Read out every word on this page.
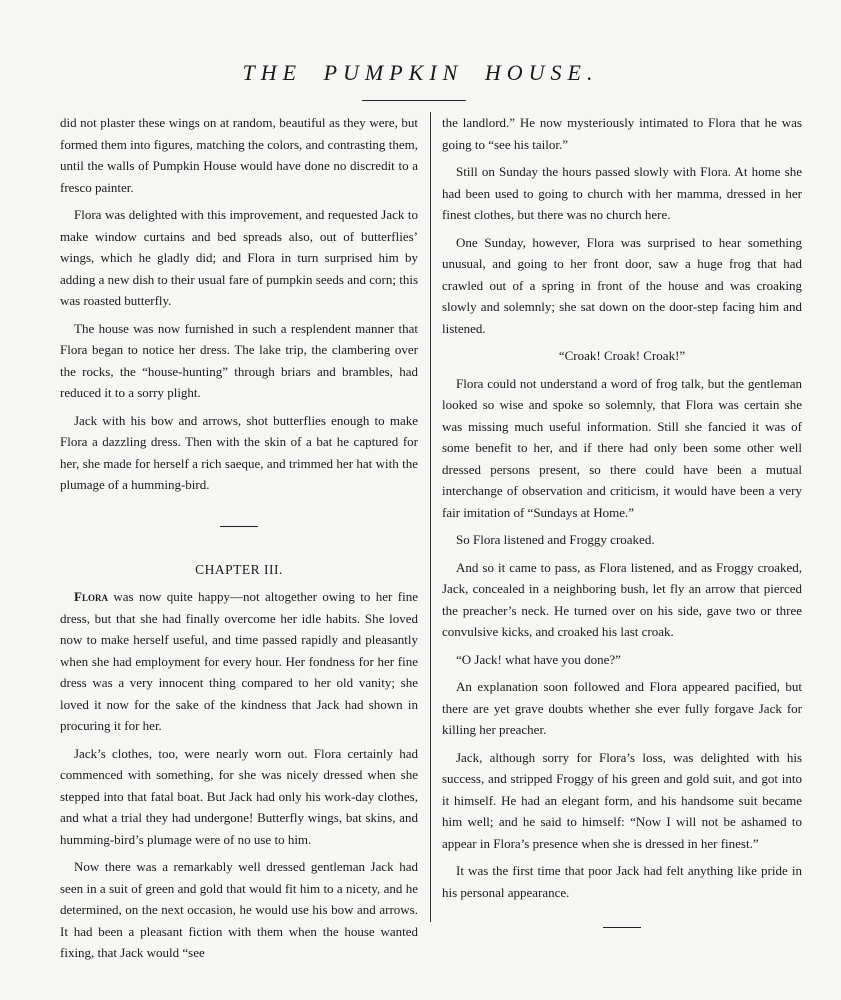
THE PUMPKIN HOUSE.

did not plaster these wings on at random, beautiful as they were, but formed them into figures, matching the colors, and contrasting them, until the walls of Pumpkin House would have done no discredit to a fresco painter.

Flora was delighted with this improvement, and requested Jack to make window curtains and bed spreads also, out of butterflies’ wings, which he gladly did; and Flora in turn surprised him by adding a new dish to their usual fare of pumpkin seeds and corn; this was roasted butterfly.

The house was now furnished in such a resplendent manner that Flora began to notice her dress. The lake trip, the clambering over the rocks, the “house-hunting” through briars and brambles, had reduced it to a sorry plight.

Jack with his bow and arrows, shot butterflies enough to make Flora a dazzling dress. Then with the skin of a bat he captured for her, she made for herself a rich saeque, and trimmed her hat with the plumage of a humming-bird.

CHAPTER III.

Flora was now quite happy—not altogether owing to her fine dress, but that she had finally overcome her idle habits. She loved now to make herself useful, and time passed rapidly and pleasantly when she had employment for every hour. Her fondness for her fine dress was a very innocent thing compared to her old vanity; she loved it now for the sake of the kindness that Jack had shown in procuring it for her.

Jack’s clothes, too, were nearly worn out. Flora certainly had commenced with something, for she was nicely dressed when she stepped into that fatal boat. But Jack had only his work-day clothes, and what a trial they had undergone! Butterfly wings, bat skins, and humming-bird’s plumage were of no use to him.

Now there was a remarkably well dressed gentleman Jack had seen in a suit of green and gold that would fit him to a nicety, and he determined, on the next occasion, he would use his bow and arrows. It had been a pleasant fiction with them when the house wanted fixing, that Jack would “see

the landlord.” He now mysteriously intimated to Flora that he was going to “see his tailor.”

Still on Sunday the hours passed slowly with Flora. At home she had been used to going to church with her mamma, dressed in her finest clothes, but there was no church here.

One Sunday, however, Flora was surprised to hear something unusual, and going to her front door, saw a huge frog that had crawled out of a spring in front of the house and was croaking slowly and solemnly; she sat down on the door-step facing him and listened.

“Croak! Croak! Croak!”

Flora could not understand a word of frog talk, but the gentleman looked so wise and spoke so solemnly, that Flora was certain she was missing much useful information. Still she fancied it was of some benefit to her, and if there had only been some other well dressed persons present, so there could have been a mutual interchange of observation and criticism, it would have been a very fair imitation of “Sundays at Home.”

So Flora listened and Froggy croaked.

And so it came to pass, as Flora listened, and as Froggy croaked, Jack, concealed in a neighboring bush, let fly an arrow that pierced the preacher’s neck. He turned over on his side, gave two or three convulsive kicks, and croaked his last croak.

“O Jack! what have you done?”

An explanation soon followed and Flora appeared pacified, but there are yet grave doubts whether she ever fully forgave Jack for killing her preacher.

Jack, although sorry for Flora’s loss, was delighted with his success, and stripped Froggy of his green and gold suit, and got into it himself. He had an elegant form, and his handsome suit became him well; and he said to himself: “Now I will not be ashamed to appear in Flora’s presence when she is dressed in her finest.”

It was the first time that poor Jack had felt anything like pride in his personal appearance.
